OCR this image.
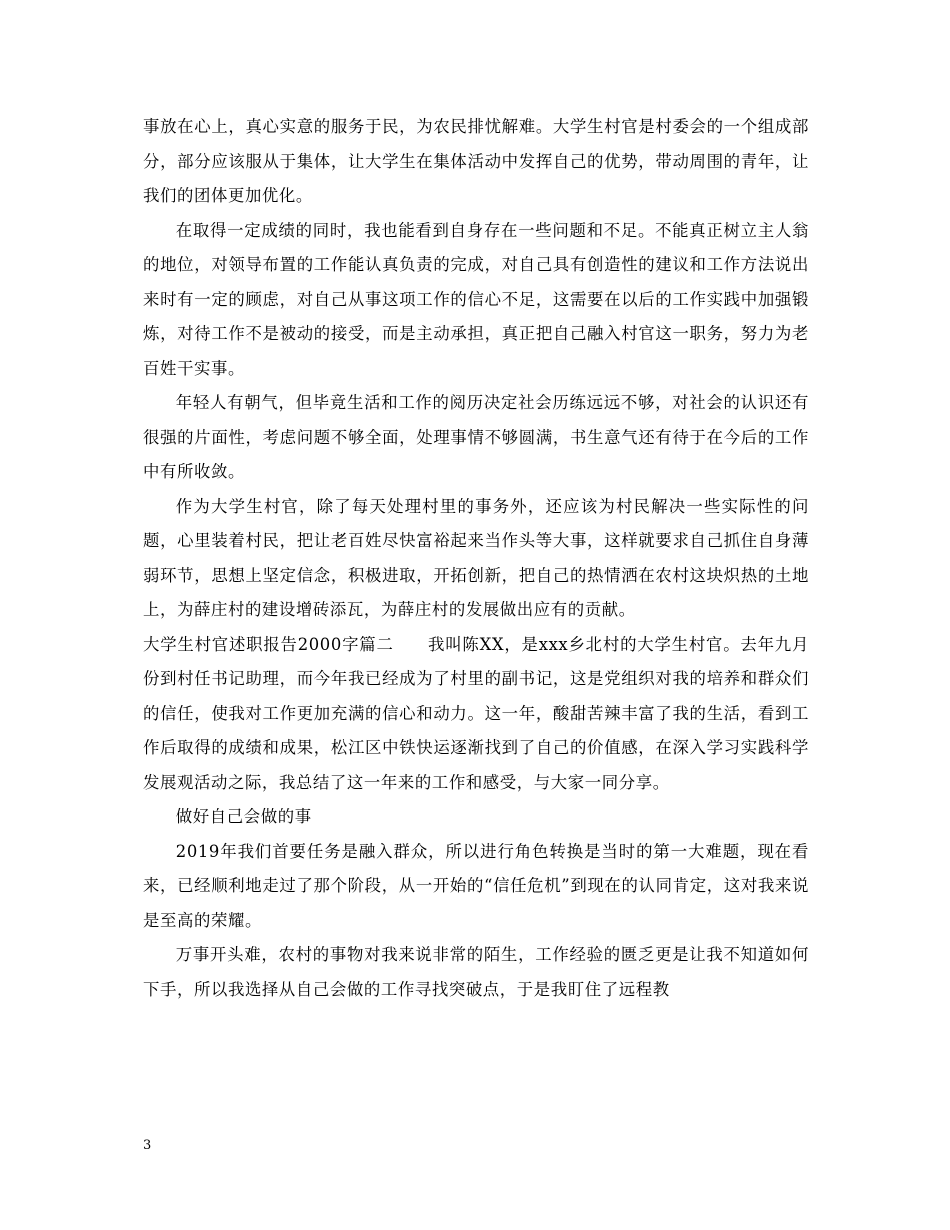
事放在心上，真心实意的服务于民，为农民排忧解难。大学生村官是村委会的一个组成部分，部分应该服从于集体，让大学生在集体活动中发挥自己的优势，带动周围的青年，让我们的团体更加优化。

在取得一定成绩的同时，我也能看到自身存在一些问题和不足。不能真正树立主人翁的地位，对领导布置的工作能认真负责的完成，对自己具有创造性的建议和工作方法说出来时有一定的顾虑，对自己从事这项工作的信心不足，这需要在以后的工作实践中加强锻炼，对待工作不是被动的接受，而是主动承担，真正把自己融入村官这一职务，努力为老百姓干实事。

年轻人有朝气，但毕竟生活和工作的阅历决定社会历练远远不够，对社会的认识还有很强的片面性，考虑问题不够全面，处理事情不够圆满，书生意气还有待于在今后的工作中有所收敛。

作为大学生村官，除了每天处理村里的事务外，还应该为村民解决一些实际性的问题，心里装着村民，把让老百姓尽快富裕起来当作头等大事，这样就要求自己抓住自身薄弱环节，思想上坚定信念，积极进取，开拓创新，把自己的热情洒在农村这块炽热的土地上，为薛庄村的建设增砖添瓦，为薛庄村的发展做出应有的贡献。

大学生村官述职报告2000字篇二　　我叫陈XX，是xxx乡北村的大学生村官。去年九月份到村任书记助理，而今年我已经成为了村里的副书记，这是党组织对我的培养和群众们的信任，使我对工作更加充满的信心和动力。这一年，酸甜苦辣丰富了我的生活，看到工作后取得的成绩和成果，松江区中铁快运逐渐找到了自己的价值感，在深入学习实践科学发展观活动之际，我总结了这一年来的工作和感受，与大家一同分享。

做好自己会做的事

2019年我们首要任务是融入群众，所以进行角色转换是当时的第一大难题，现在看来，已经顺利地走过了那个阶段，从一开始的“信任危机”到现在的认同肯定，这对我来说是至高的荣耀。

万事开头难，农村的事物对我来说非常的陌生，工作经验的匮乏更是让我不知道如何下手，所以我选择从自己会做的工作寻找突破点，于是我盯住了远程教

3
